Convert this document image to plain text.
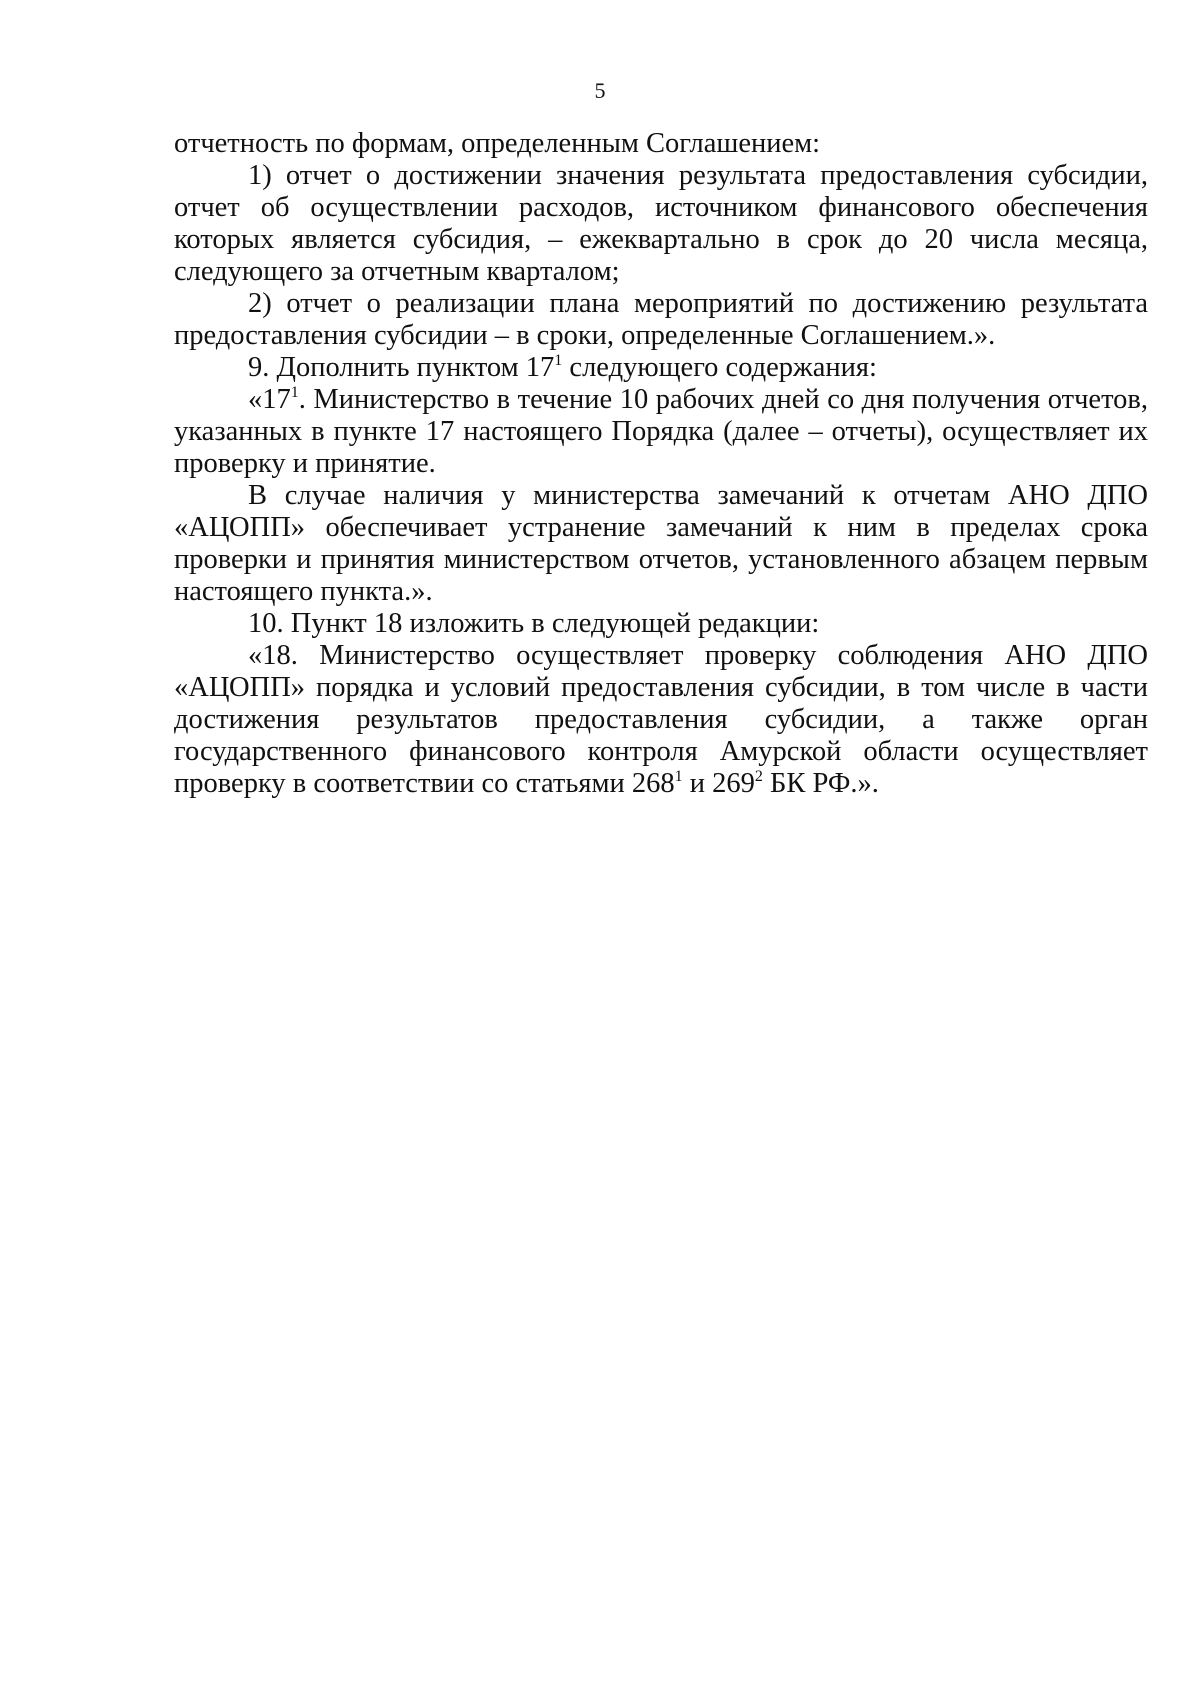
5

отчетность по формам, определенным Соглашением:

1) отчет о достижении значения результата предоставления субсидии, отчет об осуществлении расходов, источником финансового обеспечения которых является субсидия, – ежеквартально в срок до 20 числа месяца, следующего за отчетным кварталом;

2) отчет о реализации плана мероприятий по достижению результата предоставления субсидии – в сроки, определенные Соглашением.».

9. Дополнить пунктом $17^1$ следующего содержания:

«$17^1$. Министерство в течение 10 рабочих дней со дня получения отчетов, указанных в пункте 17 настоящего Порядка (далее – отчеты), осуществляет их проверку и принятие.

В случае наличия у министерства замечаний к отчетам АНО ДПО «АЦОПП» обеспечивает устранение замечаний к ним в пределах срока проверки и принятия министерством отчетов, установленного абзацем первым настоящего пункта.».

10. Пункт 18 изложить в следующей редакции:

«18. Министерство осуществляет проверку соблюдения АНО ДПО «АЦОПП» порядка и условий предоставления субсидии, в том числе в части достижения результатов предоставления субсидии, а также орган государственного финансового контроля Амурской области осуществляет проверку в соответствии со статьями $268^1$ и $269^2$ БК РФ.».
